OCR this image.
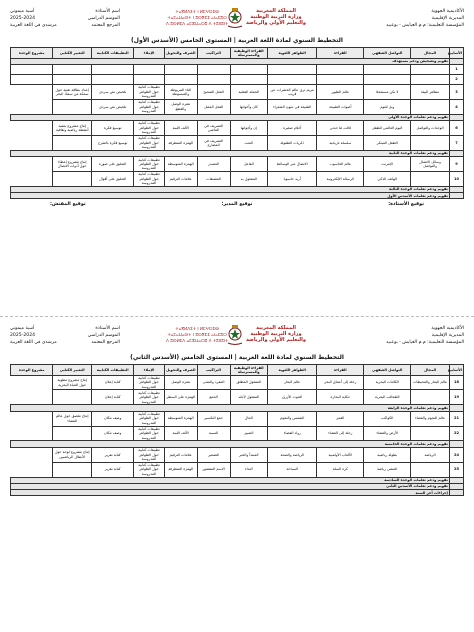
الأكاديمية الجهوية
المديرية الإقليمية
المؤسسة التعليمية: م.م العيايش - بوعبيد
المملكة المغربية
وزارة التربية الوطنية
والتعليم الأولي والرياضة
ⵜⴰⴳⵍⴷⵉⵜ ⵏ ⵍⵎⵖⵔⵉⴱ
ⵜⴰⵎⴰⵡⴰⵙⵜ ⵏ ⵓⵙⴳⵎⵉ ⴰⵏⴰⵎⵓⵔ
ⴷ ⵓⵙⵍⵎⴷ ⴰⵎⵣⵡⴰⵔⵓ ⴷ ⵜⵓⵏⵏⵓⵏⵜ
اسم الأستاذة
أسية ميموني
الموسم الدراسي
2025-2024
المرجع المعتمد
مرشدي في اللغة العربية
التخطيط السنوي لمادة اللغة العربية | المستوى الخامس (الأسدس الأول)
الأسابيع	المجال	التواصل الشفهي	القراءة	الظواهر اللغوية	القراءة الوظيفية والمسترسلة	التراكيب	الصرف والتحويل	الإملاء	التطبيقات الكتابية	التعبير الكتابي	مشروع الوحدة
	تقويم وتشخيص ودعم مستهدف										
1											
2											
3	مظاهر البيئة	لا تكن مستعجلا	عالم الطيور	مريم ترى عالم الحشرات عن قريب	الجملة الفعلية	الفعل الصحيح	التاء المربوطة والمبسوطة	تطبيقات كتابية حول الظواهر المدروسة	تلخيص نص سردي	إعداد بطاقة تقنية حول سمكة من سمك البحر	
4		ويل للنوم	أصوات الطبيعة	الطبيعة في عيون الشعراء	كان وأخواتها	الفعل المعتل	همزة الوصل والقطع	تطبيقات كتابية حول الظواهر المدروسة	تلخيص نص سردي		
	تقويم ودعم تعلمات الوحدة الأولى										
6	الوحدات والتواصل	اليوم العالمي للطفل	قالت لنا جدتي	أحلام صغيرة	إن وأخواتها	التصريف في الماضي	الألف اللينة	تطبيقات كتابية حول الظواهر المدروسة	توسيع فكرة	إنتاج مشروع بتنفيذ أنشطة رياضية وثقافية	
7		الطفل المبتكر	سلسلة تاريخية	ذكريات الطفولة	النعت	التصريف في المضارع	الهمزة المتطرفة	تطبيقات كتابية حول الظواهر المدروسة	توسيع فكرة بالشرح		
	تقويم ودعم تعلمات الوحدة الثانية										
9	وسائل الاتصال والتواصل	الإنترنت	عالم الحاسوب	الاتصال عبر الوسائط	الفاعل	المصدر	الهمزة المتوسطة	تطبيقات كتابية حول الظواهر المدروسة	التعليق على صورة	إنتاج مشروع إعطاء حول أدوات الاتصال	
10		الهاتف الذكي	الرسالة الإلكترونية	أريد حاسوبا	المفعول به	المشتقات	علامات الترقيم	تطبيقات كتابية حول الظواهر المدروسة	التعليق على أقوال		
	تقويم ودعم تعلمات الوحدة الثالثة										
	تقويم ودعم تعلمات الأسدس الأول										
توقيع الأستاذة:
توقيع المدير:
توقيع المفتش:
الأكاديمية الجهوية
المديرية الإقليمية
المؤسسة التعليمية: م.م العيايش - بوعبيد
المملكة المغربية
وزارة التربية الوطنية
والتعليم الأولي والرياضة
ⵜⴰⴳⵍⴷⵉⵜ ⵏ ⵍⵎⵖⵔⵉⴱ
ⵜⴰⵎⴰⵡⴰⵙⵜ ⵏ ⵓⵙⴳⵎⵉ ⴰⵏⴰⵎⵓⵔ
ⴷ ⵓⵙⵍⵎⴷ ⴰⵎⵣⵡⴰⵔⵓ ⴷ ⵜⵓⵏⵏⵓⵏⵜ
اسم الأستاذة
أسية ميموني
الموسم الدراسي
2025-2024
المرجع المعتمد
مرشدي في اللغة العربية
التخطيط السنوي لمادة اللغة العربية | المستوى الخامس (الأسدس الثاني)
الأسابيع	المجال	التواصل الشفهي	القراءة	الظواهر اللغوية	القراءة الوظيفية والمسترسلة	التراكيب	الصرف والتحويل	الإملاء	التطبيقات الكتابية	التعبير الكتابي	مشروع الوحدة
18	عالم البحار والمحيطات	الكائنات البحرية	رحلة إلى أعماق البحر	عالم البحار	المفعول المطلق	المفرد والمثنى	همزة الوصل	تطبيقات كتابية حول الظواهر المدروسة	كتابة إعلان	إنتاج مشروع مطوية حول الحياة البحرية	
19		الطحالب البحرية	حكاية البحارة	الحوت الأزرق	المفعول لأجله	الجمع	الهمزة على السطر	تطبيقات كتابية حول الظواهر المدروسة	كتابة إعلان		
	تقويم ودعم تعلمات الوحدة الرابعة										
21	عالم النجوم والفضاء	الكواكب	القمر	الشمس والنجوم	الحال	جمع التكسير	الهمزة المتوسطة	تطبيقات كتابية حول الظواهر المدروسة	وصف مكان	إنتاج ملصق حول عالم الفضاء	
22		الأرض والفضاء	رحلة إلى الفضاء	رواد الفضاء	التمييز	النسبة	الألف اللينة	تطبيقات كتابية حول الظواهر المدروسة	وصف مكان		
	تقويم ودعم تعلمات الوحدة الخامسة										
24	الرياضة	بطولة رياضية	الألعاب الأولمبية	الرياضة والصحة	المبتدأ والخبر	التصغير	علامات الترقيم	تطبيقات كتابية حول الظواهر المدروسة	كتابة تقرير	إنتاج مشروع لوحة حول الأبطال الرياضيين	
25		المشي رياضة	كرة السلة	السباحة	النداء	الاسم المقصور	الهمزة المتطرفة	تطبيقات كتابية حول الظواهر المدروسة	كتابة تقرير		
	تقويم ودعم تعلمات الوحدة السادسة										
	تقويم ودعم تعلمات الأسدس الثاني										
	إجراءات آخر السنة										
